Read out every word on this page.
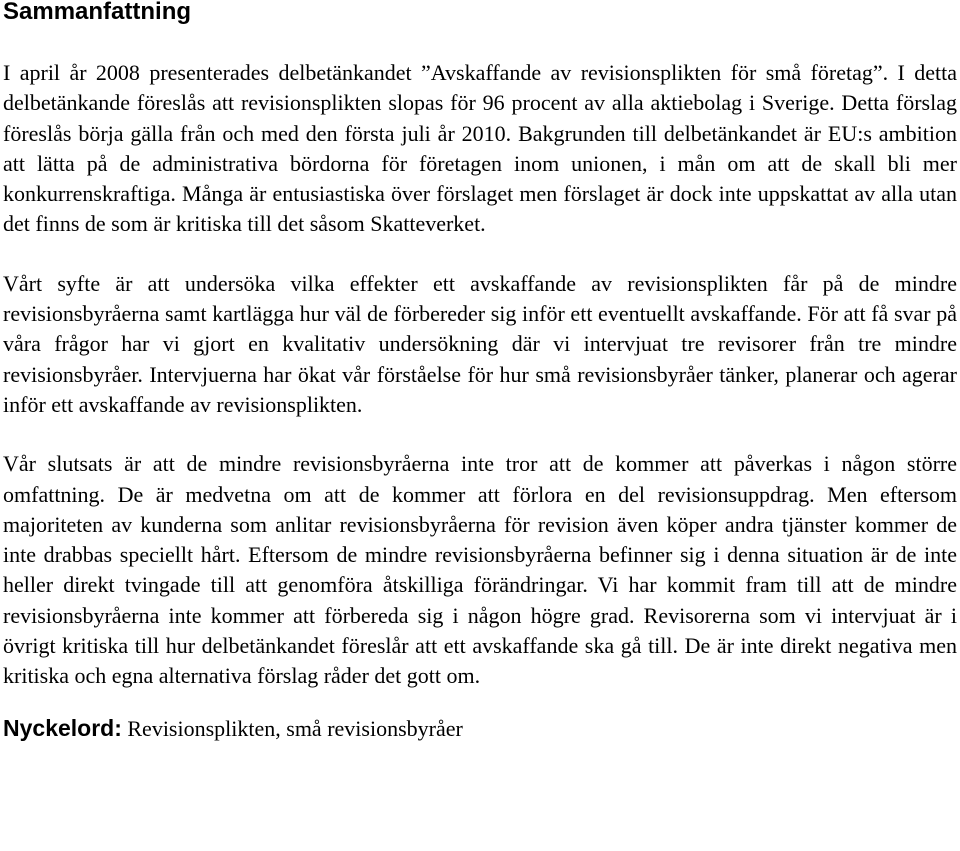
Sammanfattning

I april år 2008 presenterades delbetänkandet ”Avskaffande av revisionsplikten för små företag”. I detta delbetänkande föreslås att revisionsplikten slopas för 96 procent av alla aktiebolag i Sverige. Detta förslag föreslås börja gälla från och med den första juli år 2010. Bakgrunden till delbetänkandet är EU:s ambition att lätta på de administrativa bördorna för företagen inom unionen, i mån om att de skall bli mer konkurrenskraftiga. Många är entusiastiska över förslaget men förslaget är dock inte uppskattat av alla utan det finns de som är kritiska till det såsom Skatteverket.

Vårt syfte är att undersöka vilka effekter ett avskaffande av revisionsplikten får på de mindre revisionsbyråerna samt kartlägga hur väl de förbereder sig inför ett eventuellt avskaffande. För att få svar på våra frågor har vi gjort en kvalitativ undersökning där vi intervjuat tre revisorer från tre mindre revisionsbyråer. Intervjuerna har ökat vår förståelse för hur små revisionsbyråer tänker, planerar och agerar inför ett avskaffande av revisionsplikten.

Vår slutsats är att de mindre revisionsbyråerna inte tror att de kommer att påverkas i någon större omfattning. De är medvetna om att de kommer att förlora en del revisionsuppdrag. Men eftersom majoriteten av kunderna som anlitar revisionsbyråerna för revision även köper andra tjänster kommer de inte drabbas speciellt hårt. Eftersom de mindre revisionsbyråerna befinner sig i denna situation är de inte heller direkt tvingade till att genomföra åtskilliga förändringar. Vi har kommit fram till att de mindre revisionsbyråerna inte kommer att förbereda sig i någon högre grad. Revisorerna som vi intervjuat är i övrigt kritiska till hur delbetänkandet föreslår att ett avskaffande ska gå till. De är inte direkt negativa men kritiska och egna alternativa förslag råder det gott om.

Nyckelord: Revisionsplikten, små revisionsbyråer
